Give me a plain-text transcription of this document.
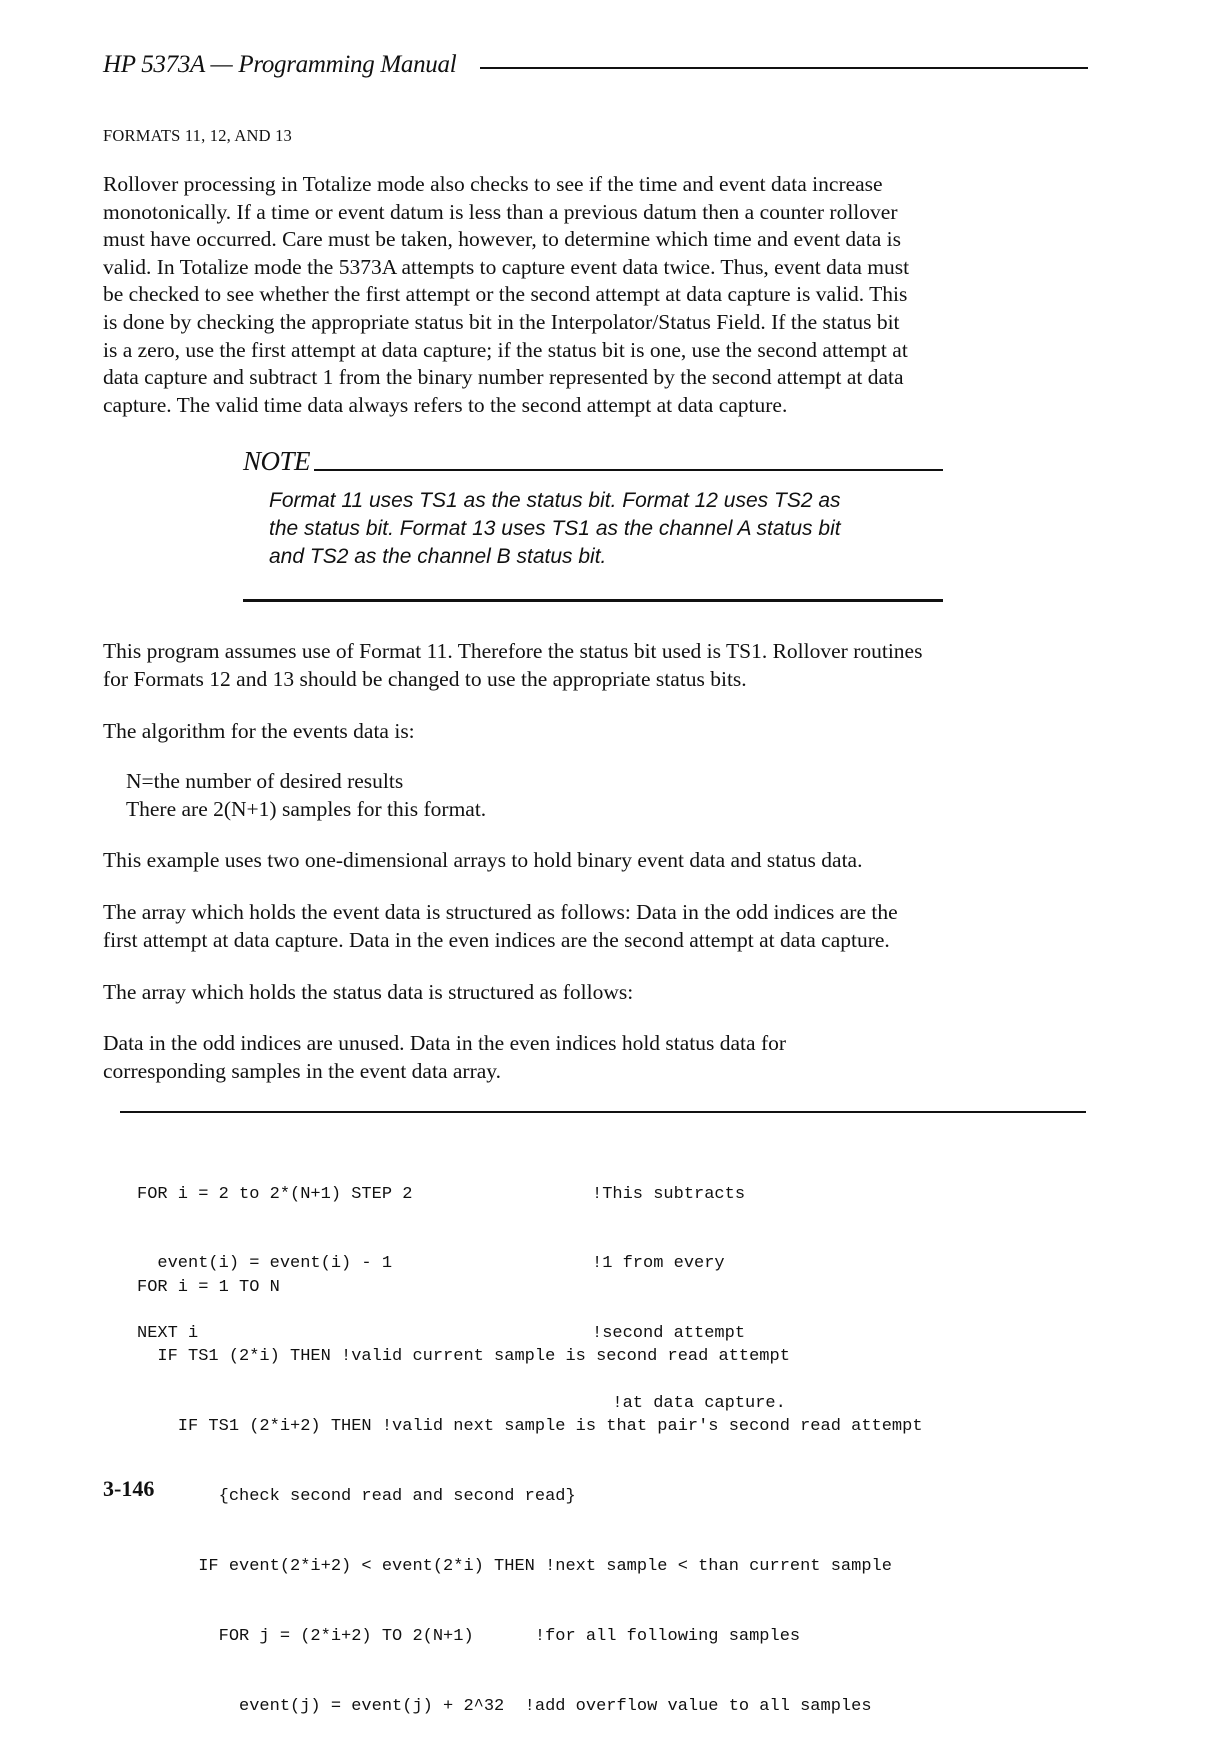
HP 5373A — Programming Manual
FORMATS 11, 12, AND 13

Rollover processing in Totalize mode also checks to see if the time and event data increase

monotonically. If a time or event datum is less than a previous datum then a counter rollover

must have occurred. Care must be taken, however, to determine which time and event data is

valid. In Totalize mode the 5373A attempts to capture event data twice. Thus, event data must

be checked to see whether the first attempt or the second attempt at data capture is valid. This

is done by checking the appropriate status bit in the Interpolator/Status Field. If the status bit

is a zero, use the first attempt at data capture; if the status bit is one, use the second attempt at

data capture and subtract 1 from the binary number represented by the second attempt at data

capture. The valid time data always refers to the second attempt at data capture.

NOTE
Format 11 uses TS1 as the status bit. Format 12 uses TS2 as
the status bit. Format 13 uses TS1 as the channel A status bit
and TS2 as the channel B status bit.

This program assumes use of Format 11. Therefore the status bit used is TS1. Rollover routines

for Formats 12 and 13 should be changed to use the appropriate status bits.

The algorithm for the events data is:
N=the number of desired results
There are 2(N+1) samples for this format.
This example uses two one-dimensional arrays to hold binary event data and status data.

The array which holds the event data is structured as follows: Data in the odd indices are the

first attempt at data capture. Data in the even indices are the second attempt at data capture.

The array which holds the status data is structured as follows:

Data in the odd indices are unused. Data in the even indices hold status data for

corresponding samples in the event data array.

FOR i = 2 to 2*(N+1) STEP 2

event(i) = event(i) - 1

NEXT i

!This subtracts

!1 from every

!second attempt

!at data capture.

FOR i = 1 TO N

IF TS1 (2*i) THEN !valid current sample is second read attempt

IF TS1 (2*i+2) THEN !valid next sample is that pair's second read attempt

{check second read and second read}

IF event(2*i+2) < event(2*i) THEN !next sample < than current sample

FOR j = (2*i+2) TO 2(N+1)      !for all following samples

event(j) = event(j) + 2^32  !add overflow value to all samples

3-146
